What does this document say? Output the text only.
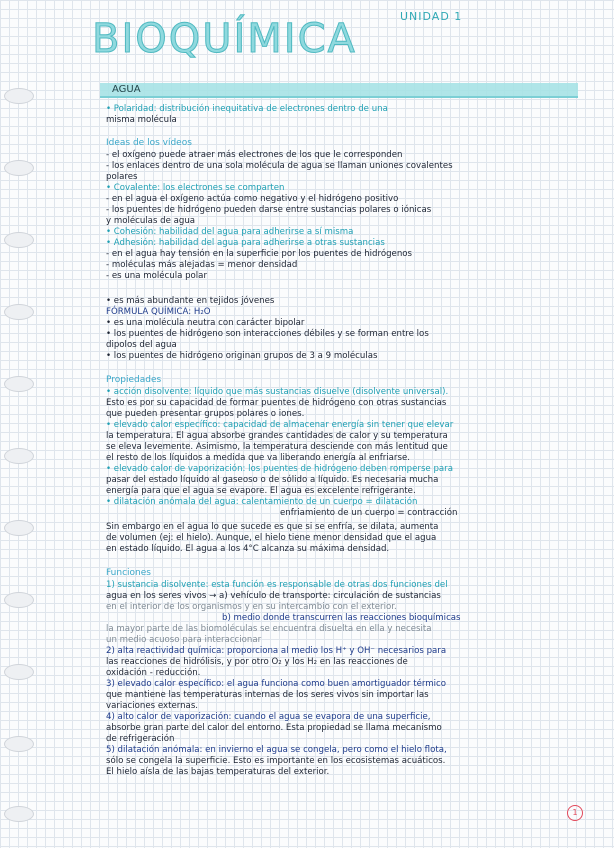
BIOQUÍMICA	UNIDAD 1
AGUA
• Polaridad: distribución inequitativa de electrones dentro de una
misma molécula
Ideas de los vídeos
- el oxígeno puede atraer más electrones de los que le corresponden
- los enlaces dentro de una sola molécula de agua se llaman uniones covalentes
polares
• Covalente: los electrones se comparten
- en el agua el oxígeno actúa como negativo y el hidrógeno positivo
- los puentes de hidrógeno pueden darse entre sustancias polares o iónicas
y moléculas de agua
• Cohesión: habilidad del agua para adherirse a sí misma
• Adhesión: habilidad del agua para adherirse a otras sustancias
- en el agua hay tensión en la superficie por los puentes de hidrógenos
- moléculas más alejadas = menor densidad
- es una molécula polar
• es más abundante en tejidos jóvenes
FÓRMULA QUÍMICA: H₂O
• es una molécula neutra con carácter bipolar
• los puentes de hidrógeno son interacciones débiles y se forman entre los
dipolos del agua
• los puentes de hidrógeno originan grupos de 3 a 9 moléculas
Propiedades
• acción disolvente: líquido que más sustancias disuelve (disolvente universal).
Esto es por su capacidad de formar puentes de hidrógeno con otras sustancias
que pueden presentar grupos polares o iones.
• elevado calor específico: capacidad de almacenar energía sin tener que elevar
la temperatura. El agua absorbe grandes cantidades de calor y su temperatura
se eleva levemente. Asimismo, la temperatura desciende con más lentitud que
el resto de los líquidos a medida que va liberando energía al enfriarse.
• elevado calor de vaporización: los puentes de hidrógeno deben romperse para
pasar del estado líquido al gaseoso o de sólido a líquido. Es necesaria mucha
energía para que el agua se evapore. El agua es excelente refrigerante.
• dilatación anómala del agua: calentamiento de un cuerpo = dilatación
enfriamiento de un cuerpo = contracción
Sin embargo en el agua lo que sucede es que si se enfría, se dilata, aumenta
de volumen (ej: el hielo). Aunque, el hielo tiene menor densidad que el agua
en estado líquido. El agua a los 4°C alcanza su máxima densidad.
Funciones
1) sustancia disolvente: esta función es responsable de otras dos funciones del
agua en los seres vivos → a) vehículo de transporte: circulación de sustancias
en el interior de los organismos y en su intercambio con el exterior.
b) medio donde transcurren las reacciones bioquímicas
la mayor parte de las biomoléculas se encuentra disuelta en ella y necesita
un medio acuoso para interaccionar
2) alta reactividad química: proporciona al medio los H⁺ y OH⁻ necesarios para
las reacciones de hidrólisis, y por otro O₂ y los H₂ en las reacciones de
oxidación - reducción.
3) elevado calor específico: el agua funciona como buen amortiguador térmico
que mantiene las temperaturas internas de los seres vivos sin importar las
variaciones externas.
4) alto calor de vaporización: cuando el agua se evapora de una superficie,
absorbe gran parte del calor del entorno. Esta propiedad se llama mecanismo
de refrigeración
5) dilatación anómala: en invierno el agua se congela, pero como el hielo flota,
sólo se congela la superficie. Esto es importante en los ecosistemas acuáticos.
El hielo aísla de las bajas temperaturas del exterior.
1
